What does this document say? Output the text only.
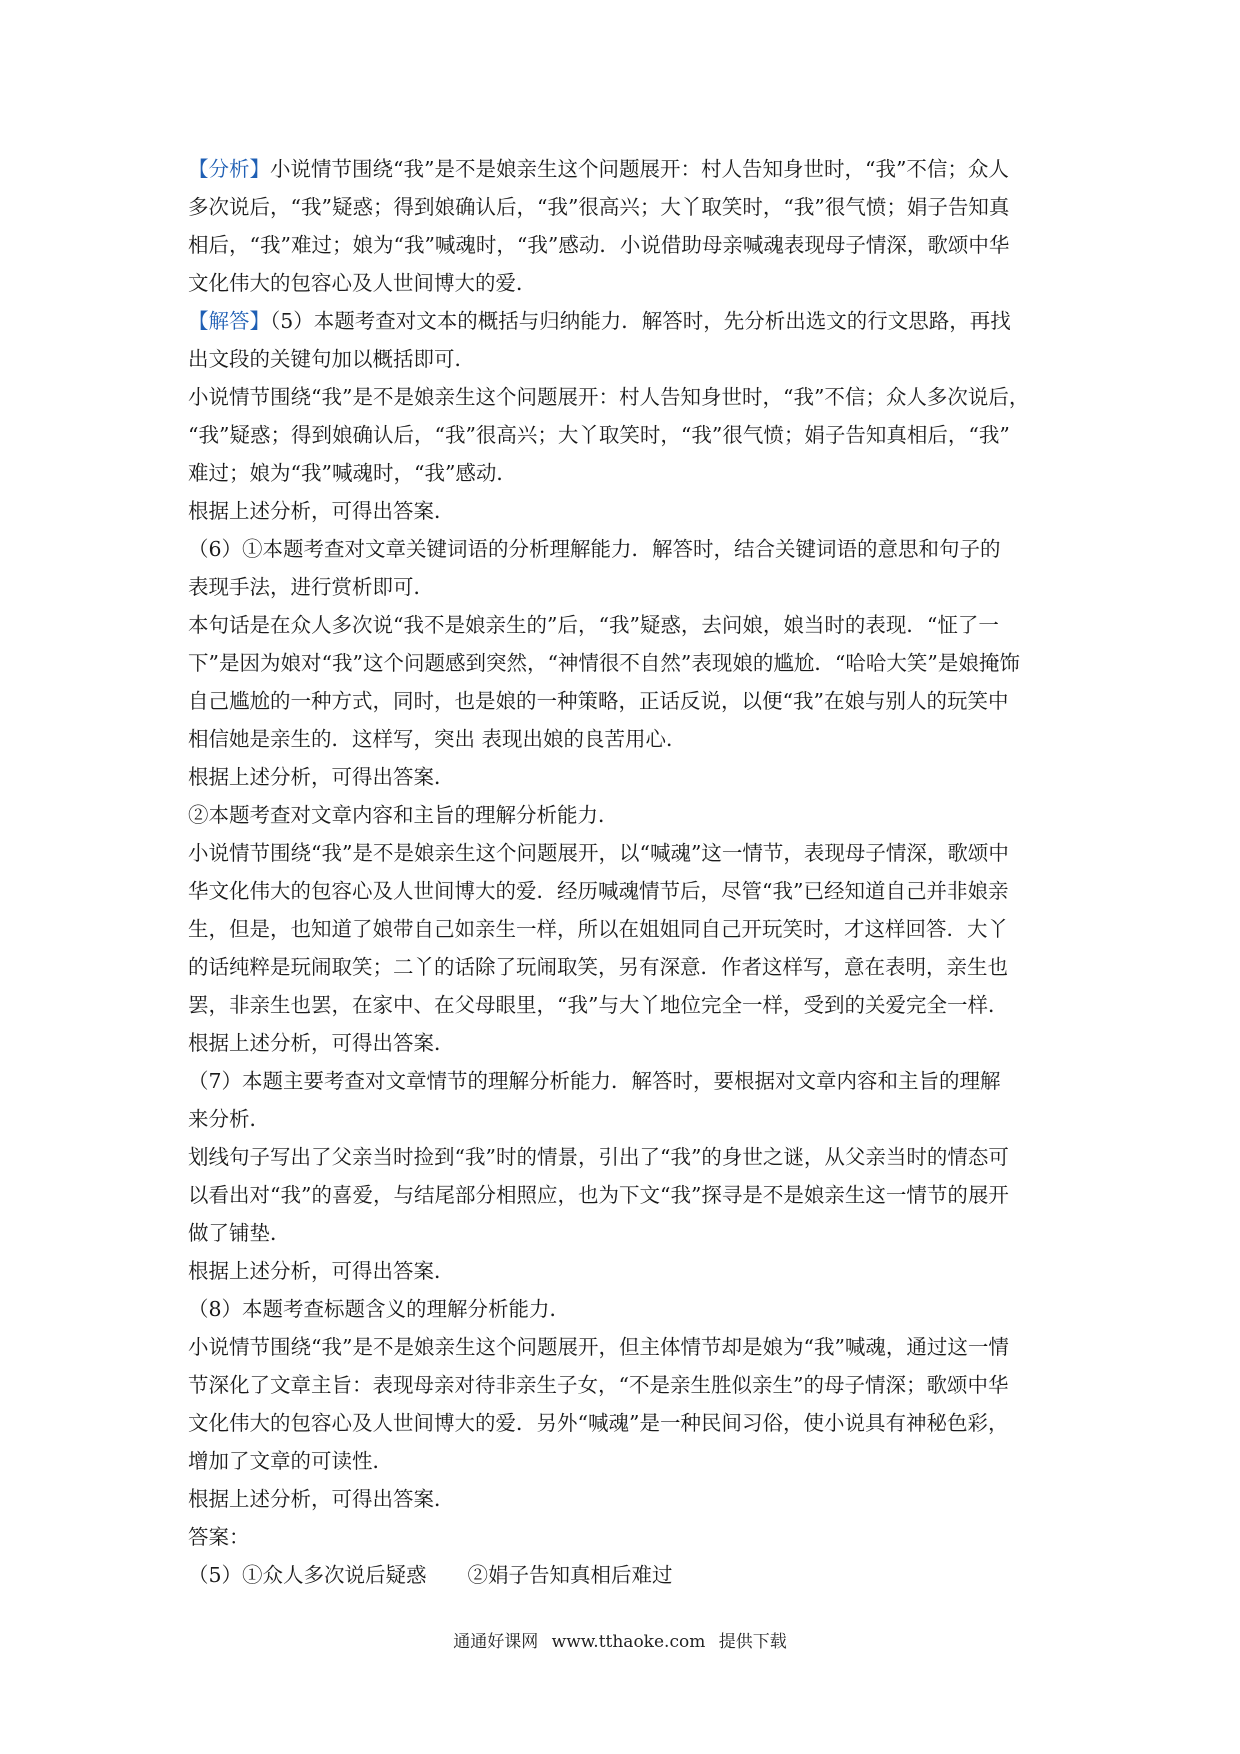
【分析】小说情节围绕“我”是不是娘亲生这个问题展开：村人告知身世时，“我”不信；众人
多次说后，“我”疑惑；得到娘确认后，“我”很高兴；大丫取笑时，“我”很气愤；娟子告知真
相后，“我”难过；娘为“我”喊魂时，“我”感动．小说借助母亲喊魂表现母子情深，歌颂中华
文化伟大的包容心及人世间博大的爱．
【解答】（5）本题考查对文本的概括与归纳能力．解答时，先分析出选文的行文思路，再找
出文段的关键句加以概括即可．
小说情节围绕“我”是不是娘亲生这个问题展开：村人告知身世时，“我”不信；众人多次说后，
“我”疑惑；得到娘确认后，“我”很高兴；大丫取笑时，“我”很气愤；娟子告知真相后，“我”
难过；娘为“我”喊魂时，“我”感动．
根据上述分析，可得出答案．
（6）①本题考查对文章关键词语的分析理解能力．解答时，结合关键词语的意思和句子的
表现手法，进行赏析即可．
本句话是在众人多次说“我不是娘亲生的”后，“我”疑惑，去问娘，娘当时的表现．“怔了一
下”是因为娘对“我”这个问题感到突然，“神情很不自然”表现娘的尴尬．“哈哈大笑”是娘掩饰
自己尴尬的一种方式，同时，也是娘的一种策略，正话反说，以便“我”在娘与别人的玩笑中
相信她是亲生的．这样写，突出 表现出娘的良苦用心．
根据上述分析，可得出答案．
②本题考查对文章内容和主旨的理解分析能力．
小说情节围绕“我”是不是娘亲生这个问题展开，以“喊魂”这一情节，表现母子情深，歌颂中
华文化伟大的包容心及人世间博大的爱．经历喊魂情节后，尽管“我”已经知道自己并非娘亲
生，但是，也知道了娘带自己如亲生一样，所以在姐姐同自己开玩笑时，才这样回答．大丫
的话纯粹是玩闹取笑；二丫的话除了玩闹取笑，另有深意．作者这样写，意在表明，亲生也
罢，非亲生也罢，在家中、在父母眼里，“我”与大丫地位完全一样，受到的关爱完全一样．
根据上述分析，可得出答案．
（7）本题主要考查对文章情节的理解分析能力．解答时，要根据对文章内容和主旨的理解
来分析．
划线句子写出了父亲当时捡到“我”时的情景，引出了“我”的身世之谜，从父亲当时的情态可
以看出对“我”的喜爱，与结尾部分相照应，也为下文“我”探寻是不是娘亲生这一情节的展开
做了铺垫．
根据上述分析，可得出答案．
（8）本题考查标题含义的理解分析能力．
小说情节围绕“我”是不是娘亲生这个问题展开，但主体情节却是娘为“我”喊魂，通过这一情
节深化了文章主旨：表现母亲对待非亲生子女，“不是亲生胜似亲生”的母子情深；歌颂中华
文化伟大的包容心及人世间博大的爱．另外“喊魂”是一种民间习俗，使小说具有神秘色彩，
增加了文章的可读性．
根据上述分析，可得出答案．
答案：
（5）①众人多次说后疑惑　　②娟子告知真相后难过
通通好课网 www.tthaoke.com 提供下载
